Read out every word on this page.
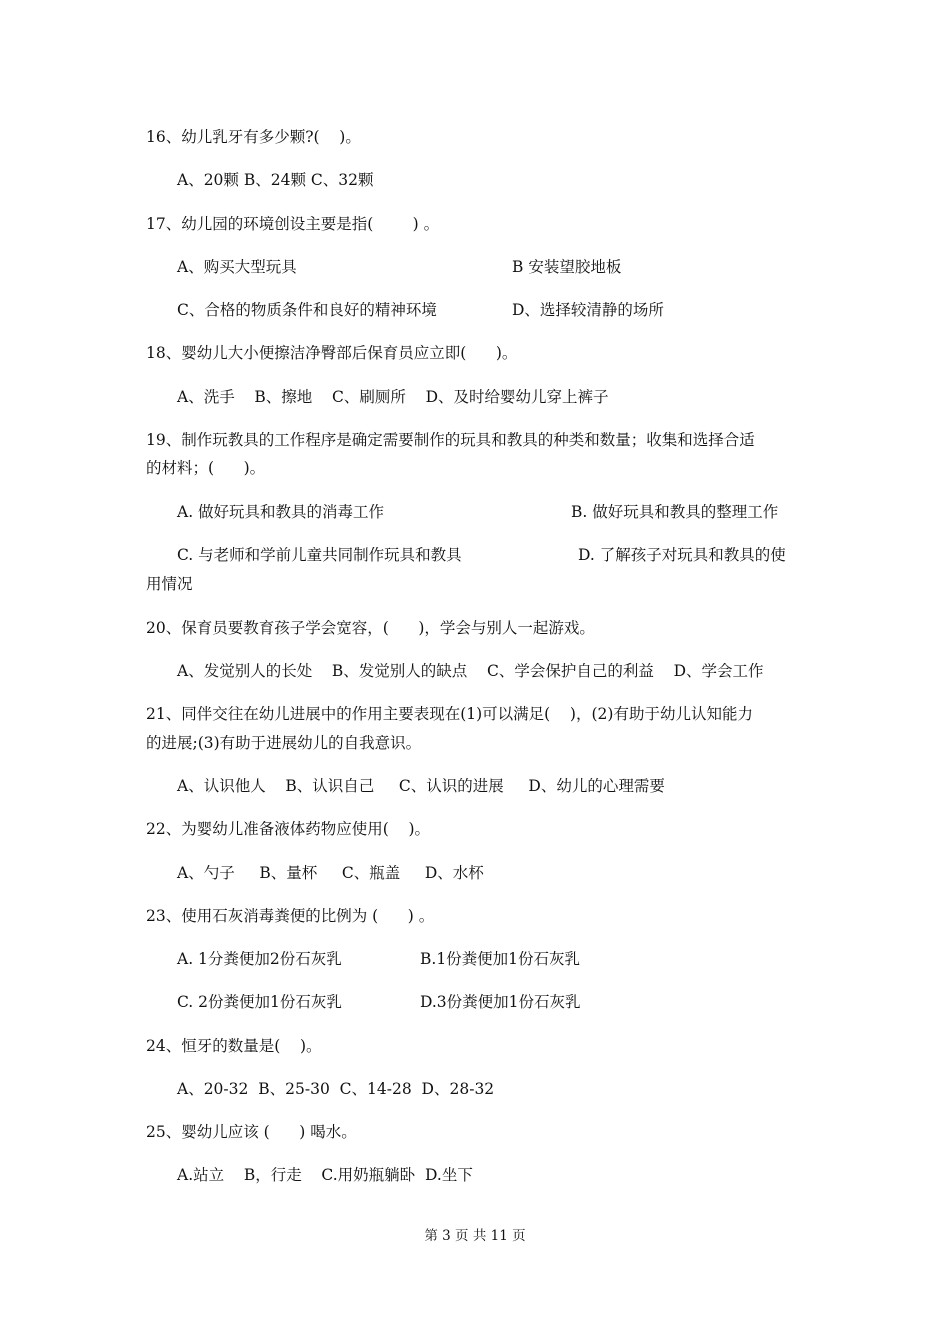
16、幼儿乳牙有多少颗?(    )。
A、20颗 B、24颗 C、32颗
17、幼儿园的环境创设主要是指(        ) 。
A、购买大型玩具	B 安装望胶地板
C、合格的物质条件和良好的精神环境	D、选择较清静的场所
18、婴幼儿大小便擦洁净臀部后保育员应立即(      )。
A、洗手    B、擦地    C、刷厕所    D、及时给婴幼儿穿上裤子
19、制作玩教具的工作程序是确定需要制作的玩具和教具的种类和数量；收集和选择合适
的材料；(      )。
A. 做好玩具和教具的消毒工作	B. 做好玩具和教具的整理工作
C. 与老师和学前儿童共同制作玩具和教具	D. 了解孩子对玩具和教具的使
用情况
20、保育员要教育孩子学会宽容，(      )，学会与别人一起游戏。
A、发觉别人的长处    B、发觉别人的缺点    C、学会保护自己的利益    D、学会工作
21、同伴交往在幼儿进展中的作用主要表现在(1)可以满足(    )，(2)有助于幼儿认知能力
的进展;(3)有助于进展幼儿的自我意识。
A、认识他人    B、认识自己     C、认识的进展     D、幼儿的心理需要
22、为婴幼儿准备液体药物应使用(    )。
A、勺子     B、量杯     C、瓶盖     D、水杯
23、使用石灰消毒粪便的比例为 (      ) 。
A. 1分粪便加2份石灰乳	B.1份粪便加1份石灰乳
C. 2份粪便加1份石灰乳	D.3份粪便加1份石灰乳
24、恒牙的数量是(    )。
A、20-32  B、25-30  C、14-28  D、28-32
25、婴幼儿应该 (      ) 喝水。
A.站立    B，行走    C.用奶瓶躺卧  D.坐下
第 3 页 共 11 页
